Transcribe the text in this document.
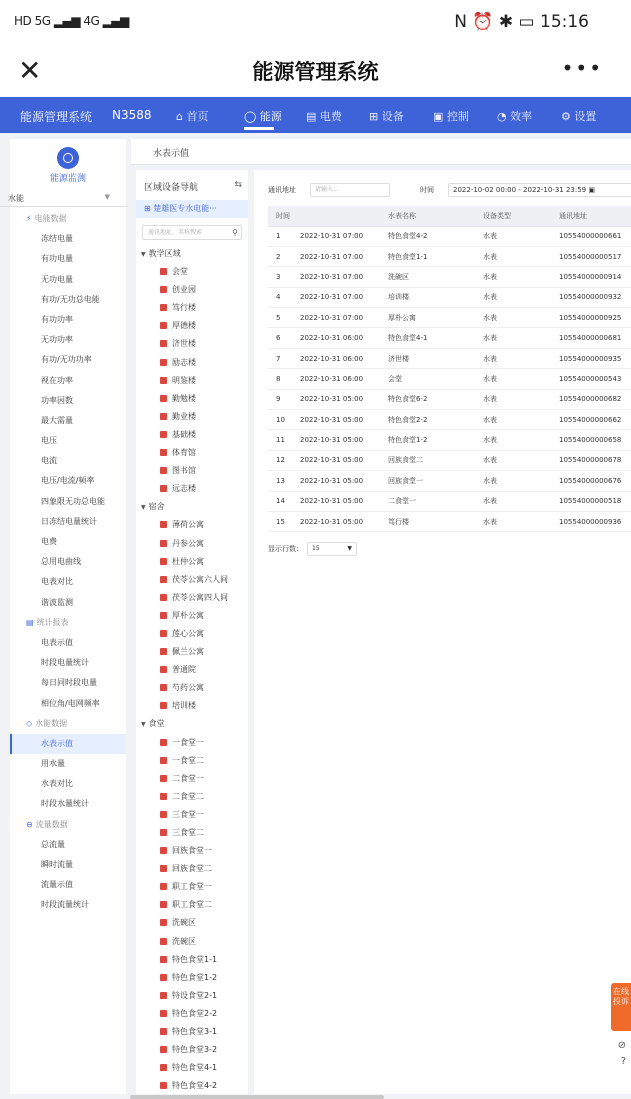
HD 5G ▂▄▆ 4G ▂▄▆	N ⏰ ✱ ▭ 15:16
✕	能源管理系统	•••
能源管理系统 N3588 ⌂ 首页	◯ 能源 ▤ 电费 ⊞ 设备	▣ 控制	◔ 效率	⚙ 设置
能源监测
水能	▼
⚡ 电能数据
冻结电量
有功电量
无功电量
有功/无功总电能
有功功率
无功功率
有功/无功功率
视在功率
功率因数
最大需量
电压
电流
电压/电流/频率
四象限无功总电能
日冻结电量统计
电费
总用电曲线
电表对比
谐波监测
▤ 统计报表
电表示值
时段电量统计
每日同时段电量
相位角/电网频率
◇ 水能数据
水表示值
用水量
水表对比
时段水量统计
⊖ 流量数据
总流量
瞬时流量
流量示值
时段流量统计
水表示值
区域设备导航	⇆
⊞ 楚雄医专水电能···
通讯地址、名称搜索	⚲
▼ 教学区域
会堂
创业园
笃行楼
厚德楼
济世楼
励志楼
明鉴楼
勤勉楼
勤业楼
基础楼
体育馆
图书馆
远志楼
▼ 宿舍
薄荷公寓
丹参公寓
杜仲公寓
茯苓公寓六人间
茯苓公寓四人间
厚朴公寓
莲心公寓
佩兰公寓
普通院
芍药公寓
培训楼
▼ 食堂
一食堂一
一食堂二
二食堂一
二食堂二
三食堂一
三食堂二
回族食堂一
回族食堂二
职工食堂一
职工食堂二
洗碗区
洗碗区
特色食堂1-1
特色食堂1-2
特设食堂2-1
特色食堂2-2
特色食堂3-1
特色食堂3-2
特色食堂4-1
特色食堂4-2
通讯地址	请输入...	时间	2022-10-02 00:00 - 2022-10-31 23:59 ▣
时间		水表名称	设备类型	通讯地址
1	2022-10-31 07:00	特色食堂4-2	水表	10554000000661
2	2022-10-31 07:00	特色食堂1-1	水表	10554000000517
3	2022-10-31 07:00	洗碗区	水表	10554000000914
4	2022-10-31 07:00	培训楼	水表	10554000000932
5	2022-10-31 07:00	厚朴公寓	水表	10554000000925
6	2022-10-31 06:00	特色食堂4-1	水表	10554000000681
7	2022-10-31 06:00	济世楼	水表	10554000000935
8	2022-10-31 06:00	会堂	水表	10554000000543
9	2022-10-31 05:00	特色食堂6-2	水表	10554000000682
10	2022-10-31 05:00	特色食堂2-2	水表	10554000000662
11	2022-10-31 05:00	特色食堂1-2	水表	10554000000658
12	2022-10-31 05:00	回族食堂二	水表	10554000000678
13	2022-10-31 05:00	回族食堂一	水表	10554000000676
14	2022-10-31 05:00	二食堂一	水表	10554000000518
15	2022-10-31 05:00	笃行楼	水表	10554000000936
显示行数： 15	▼
在线投诉
⊘
?
